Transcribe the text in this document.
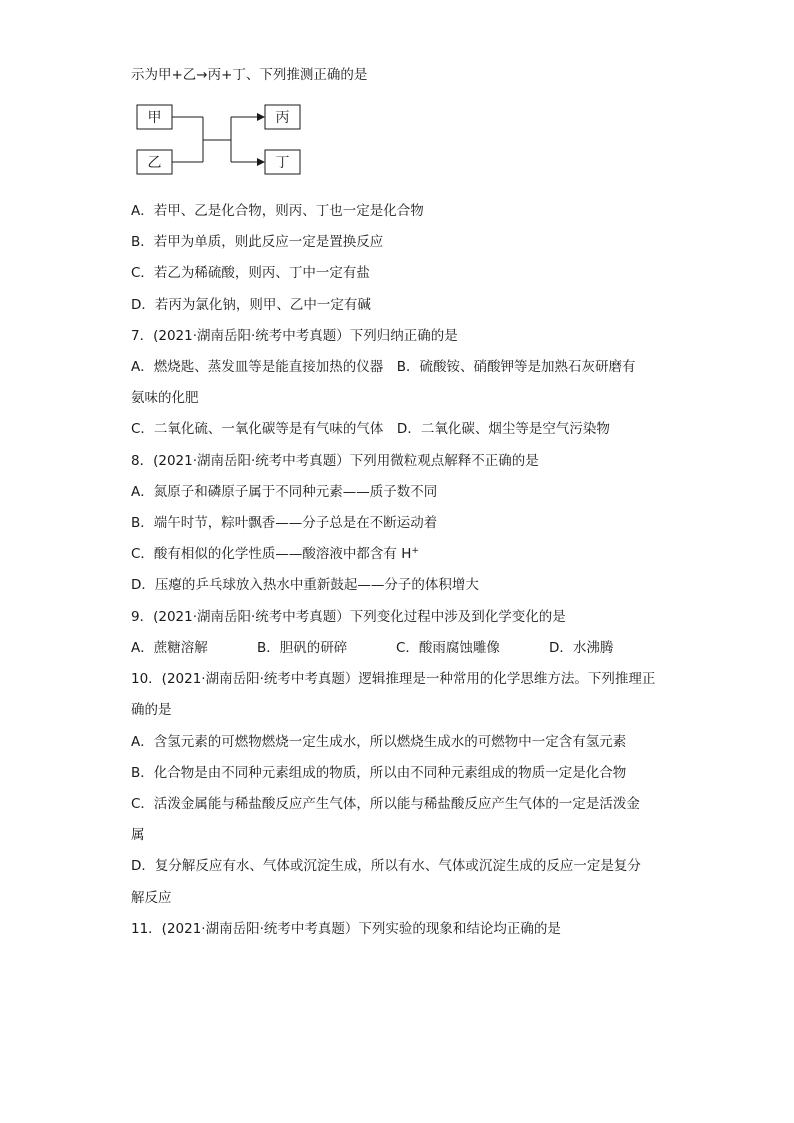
示为甲+乙→丙+丁、下列推测正确的是
甲
乙
丙
丁
A．若甲、乙是化合物，则丙、丁也一定是化合物
B．若甲为单质，则此反应一定是置换反应
C．若乙为稀硫酸，则丙、丁中一定有盐
D．若丙为氯化钠，则甲、乙中一定有碱
7．(2021·湖南岳阳·统考中考真题）下列归纳正确的是
A．燃烧匙、蒸发皿等是能直接加热的仪器　B．硫酸铵、硝酸钾等是加熟石灰研磨有
氨味的化肥
C．二氧化硫、一氧化碳等是有气味的气体　D．二氧化碳、烟尘等是空气污染物
8．(2021·湖南岳阳·统考中考真题）下列用微粒观点解释不正确的是
A．氮原子和磷原子属于不同种元素——质子数不同
B．端午时节，粽叶飘香——分子总是在不断运动着
C．酸有相似的化学性质——酸溶液中都含有 H+
D．压瘪的乒乓球放入热水中重新鼓起——分子的体积增大
9．(2021·湖南岳阳·统考中考真题）下列变化过程中涉及到化学变化的是
A．蔗糖溶解	B．胆矾的研碎	C．酸雨腐蚀雕像	D．水沸腾
10．(2021·湖南岳阳·统考中考真题）逻辑推理是一种常用的化学思维方法。下列推理正
确的是
A．含氢元素的可燃物燃烧一定生成水，所以燃烧生成水的可燃物中一定含有氢元素
B．化合物是由不同种元素组成的物质，所以由不同种元素组成的物质一定是化合物
C．活泼金属能与稀盐酸反应产生气体，所以能与稀盐酸反应产生气体的一定是活泼金
属
D．复分解反应有水、气体或沉淀生成，所以有水、气体或沉淀生成的反应一定是复分
解反应
11．(2021·湖南岳阳·统考中考真题）下列实验的现象和结论均正确的是
